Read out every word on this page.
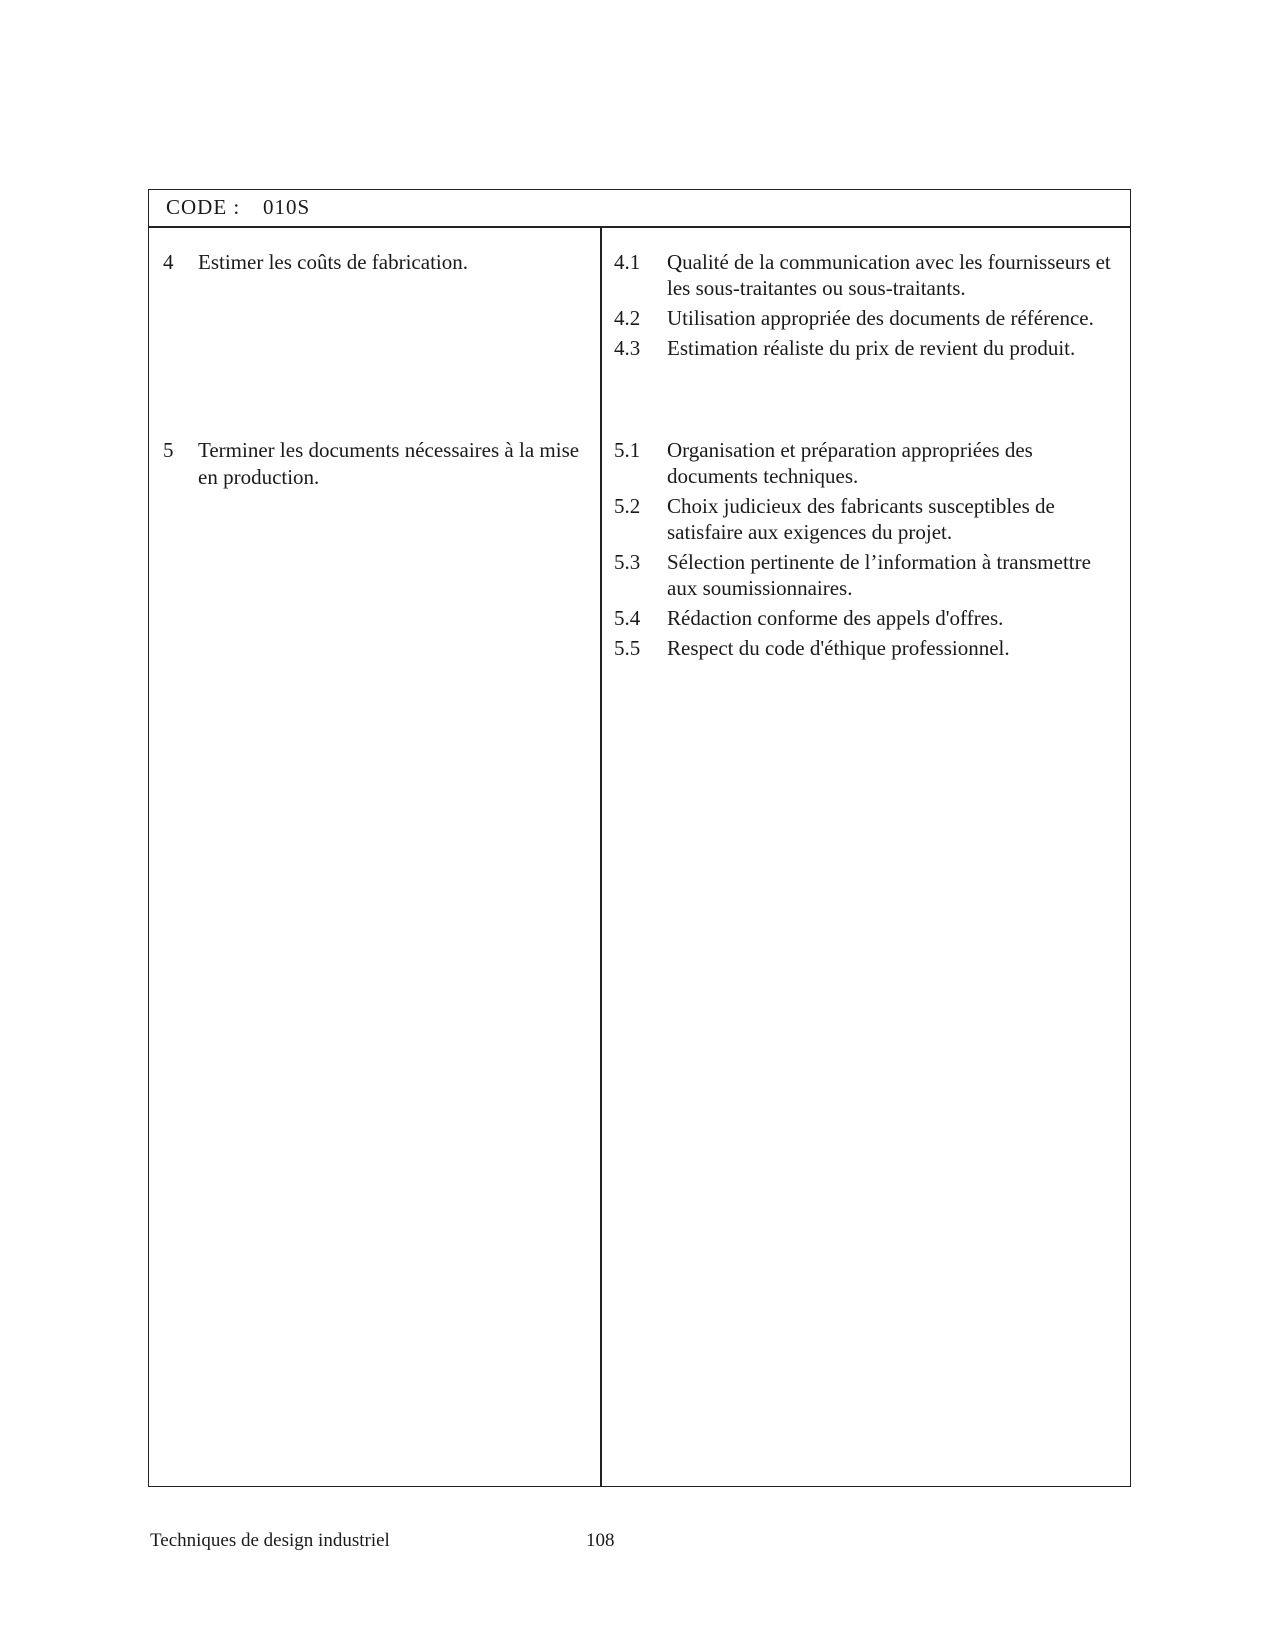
CODE : 010S
4 Estimer les coûts de fabrication.
5 Terminer les documents nécessaires à la mise en production.
4.1 Qualité de la communication avec les fournisseurs et les sous-traitantes ou sous-traitants.
4.2 Utilisation appropriée des documents de référence.
4.3 Estimation réaliste du prix de revient du produit.
5.1 Organisation et préparation appropriées des documents techniques.
5.2 Choix judicieux des fabricants susceptibles de satisfaire aux exigences du projet.
5.3 Sélection pertinente de l’information à transmettre aux soumissionnaires.
5.4 Rédaction conforme des appels d'offres.
5.5 Respect du code d'éthique professionnel.
Techniques de design industriel	108
